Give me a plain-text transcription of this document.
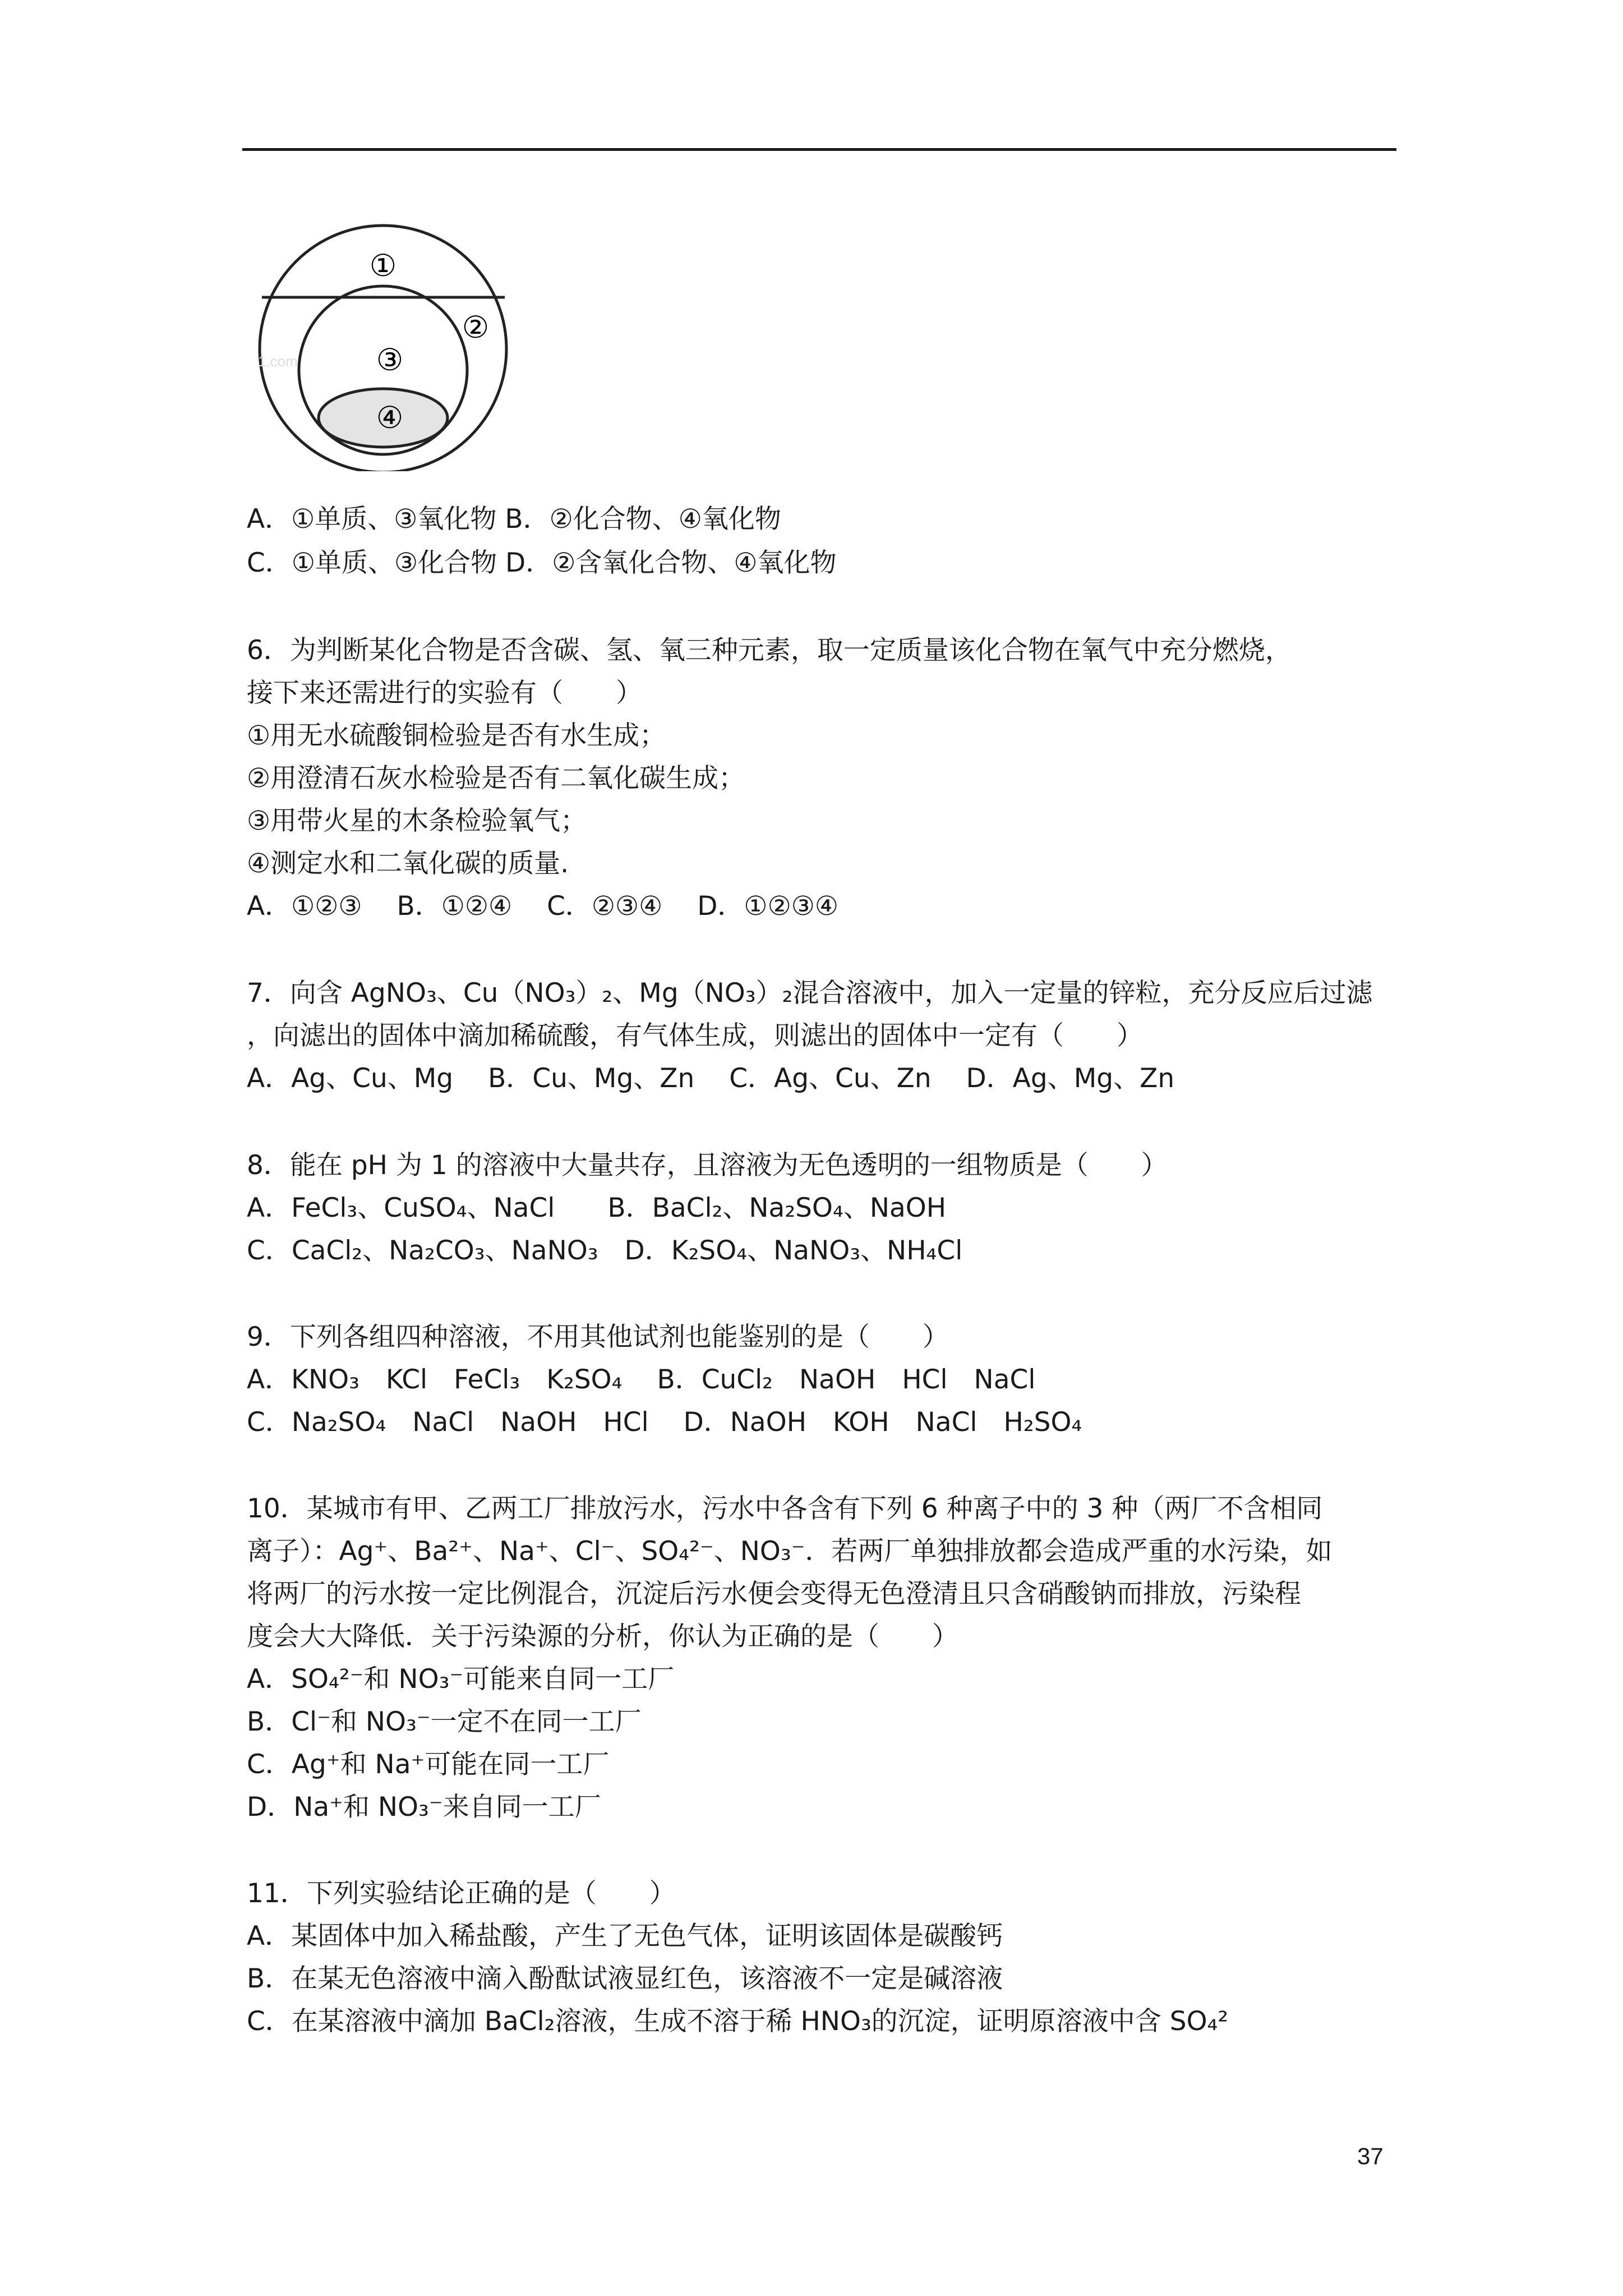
1.com
①
②
③
④
A．①单质、③氧化物 B．②化合物、④氧化物
C．①单质、③化合物 D．②含氧化合物、④氧化物
6．为判断某化合物是否含碳、氢、氧三种元素，取一定质量该化合物在氧气中充分燃烧，
接下来还需进行的实验有（　　）
①用无水硫酸铜检验是否有水生成；
②用澄清石灰水检验是否有二氧化碳生成；
③用带火星的木条检验氧气；
④测定水和二氧化碳的质量.
A．①②③　 B．①②④　 C．②③④　 D．①②③④
7．向含 AgNO₃、Cu（NO₃）₂、Mg（NO₃）₂混合溶液中，加入一定量的锌粒，充分反应后过滤
，向滤出的固体中滴加稀硫酸，有气体生成，则滤出的固体中一定有（　　）
A．Ag、Cu、Mg　 B．Cu、Mg、Zn　 C．Ag、Cu、Zn　 D．Ag、Mg、Zn
8．能在 pH 为 1 的溶液中大量共存，且溶液为无色透明的一组物质是（　　）
A．FeCl₃、CuSO₄、NaCl　　B．BaCl₂、Na₂SO₄、NaOH
C．CaCl₂、Na₂CO₃、NaNO₃　D．K₂SO₄、NaNO₃、NH₄Cl
9．下列各组四种溶液，不用其他试剂也能鉴别的是（　　）
A．KNO₃　KCl　FeCl₃　K₂SO₄　 B．CuCl₂　NaOH　HCl　NaCl
C．Na₂SO₄　NaCl　NaOH　HCl　 D．NaOH　KOH　NaCl　H₂SO₄
10．某城市有甲、乙两工厂排放污水，污水中各含有下列 6 种离子中的 3 种（两厂不含相同
离子）：Ag⁺、Ba²⁺、Na⁺、Cl⁻、SO₄²⁻、NO₃⁻．若两厂单独排放都会造成严重的水污染，如
将两厂的污水按一定比例混合，沉淀后污水便会变得无色澄清且只含硝酸钠而排放，污染程
度会大大降低．关于污染源的分析，你认为正确的是（　　）
A．SO₄²⁻和 NO₃⁻可能来自同一工厂
B．Cl⁻和 NO₃⁻一定不在同一工厂
C．Ag⁺和 Na⁺可能在同一工厂
D．Na⁺和 NO₃⁻来自同一工厂
11．下列实验结论正确的是（　　）
A．某固体中加入稀盐酸，产生了无色气体，证明该固体是碳酸钙
B．在某无色溶液中滴入酚酞试液显红色，该溶液不一定是碱溶液
C．在某溶液中滴加 BaCl₂溶液，生成不溶于稀 HNO₃的沉淀，证明原溶液中含 SO₄²
37
